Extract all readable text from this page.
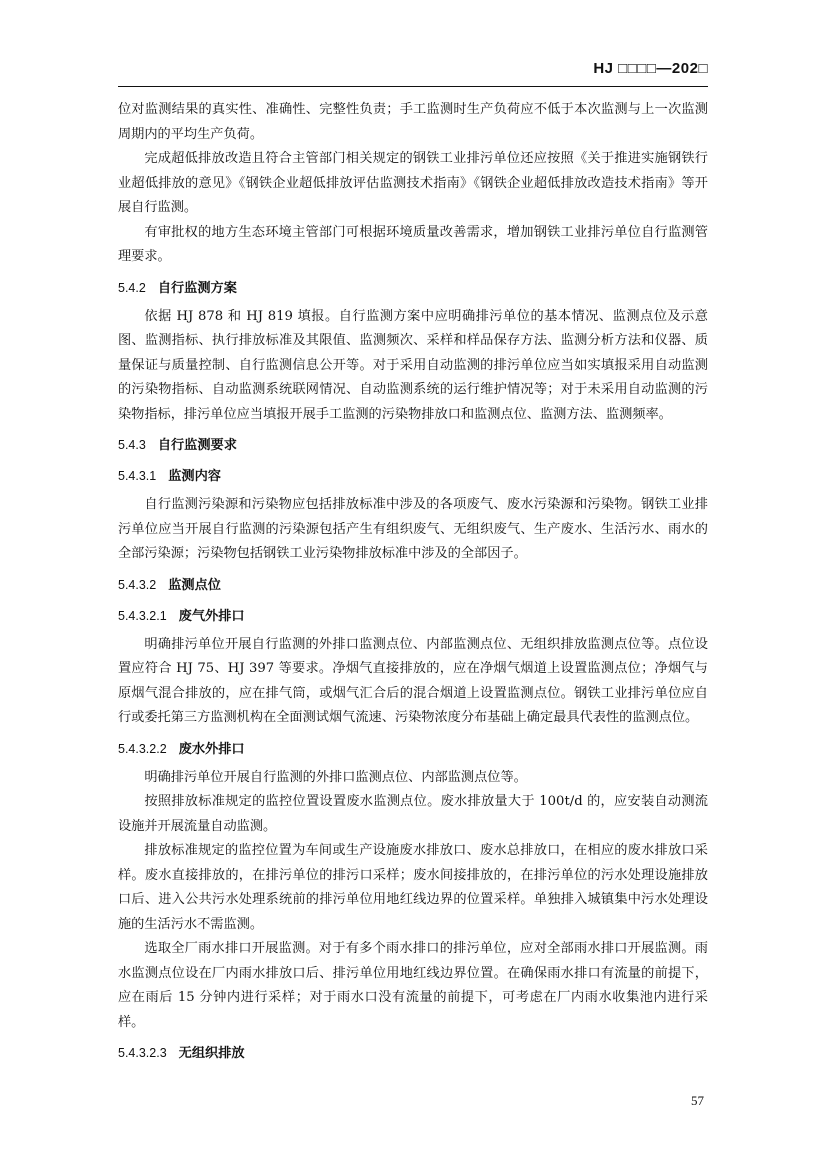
HJ □□□□—202□

位对监测结果的真实性、准确性、完整性负责；手工监测时生产负荷应不低于本次监测与上一次监测周期内的平均生产负荷。

完成超低排放改造且符合主管部门相关规定的钢铁工业排污单位还应按照《关于推进实施钢铁行业超低排放的意见》《钢铁企业超低排放评估监测技术指南》《钢铁企业超低排放改造技术指南》等开展自行监测。

有审批权的地方生态环境主管部门可根据环境质量改善需求，增加钢铁工业排污单位自行监测管理要求。

5.4.2 自行监测方案

依据 HJ 878 和 HJ 819 填报。自行监测方案中应明确排污单位的基本情况、监测点位及示意图、监测指标、执行排放标准及其限值、监测频次、采样和样品保存方法、监测分析方法和仪器、质量保证与质量控制、自行监测信息公开等。对于采用自动监测的排污单位应当如实填报采用自动监测的污染物指标、自动监测系统联网情况、自动监测系统的运行维护情况等；对于未采用自动监测的污染物指标，排污单位应当填报开展手工监测的污染物排放口和监测点位、监测方法、监测频率。

5.4.3 自行监测要求
5.4.3.1 监测内容

自行监测污染源和污染物应包括排放标准中涉及的各项废气、废水污染源和污染物。钢铁工业排污单位应当开展自行监测的污染源包括产生有组织废气、无组织废气、生产废水、生活污水、雨水的全部污染源；污染物包括钢铁工业污染物排放标准中涉及的全部因子。

5.4.3.2 监测点位
5.4.3.2.1 废气外排口

明确排污单位开展自行监测的外排口监测点位、内部监测点位、无组织排放监测点位等。点位设置应符合 HJ 75、HJ 397 等要求。净烟气直接排放的，应在净烟气烟道上设置监测点位；净烟气与原烟气混合排放的，应在排气筒，或烟气汇合后的混合烟道上设置监测点位。钢铁工业排污单位应自行或委托第三方监测机构在全面测试烟气流速、污染物浓度分布基础上确定最具代表性的监测点位。

5.4.3.2.2 废水外排口

明确排污单位开展自行监测的外排口监测点位、内部监测点位等。

按照排放标准规定的监控位置设置废水监测点位。废水排放量大于 100t/d 的，应安装自动测流设施并开展流量自动监测。

排放标准规定的监控位置为车间或生产设施废水排放口、废水总排放口，在相应的废水排放口采样。废水直接排放的，在排污单位的排污口采样；废水间接排放的，在排污单位的污水处理设施排放口后、进入公共污水处理系统前的排污单位用地红线边界的位置采样。单独排入城镇集中污水处理设施的生活污水不需监测。

选取全厂雨水排口开展监测。对于有多个雨水排口的排污单位，应对全部雨水排口开展监测。雨水监测点位设在厂内雨水排放口后、排污单位用地红线边界位置。在确保雨水排口有流量的前提下，应在雨后 15 分钟内进行采样；对于雨水口没有流量的前提下，可考虑在厂内雨水收集池内进行采样。

5.4.3.2.3 无组织排放
57
